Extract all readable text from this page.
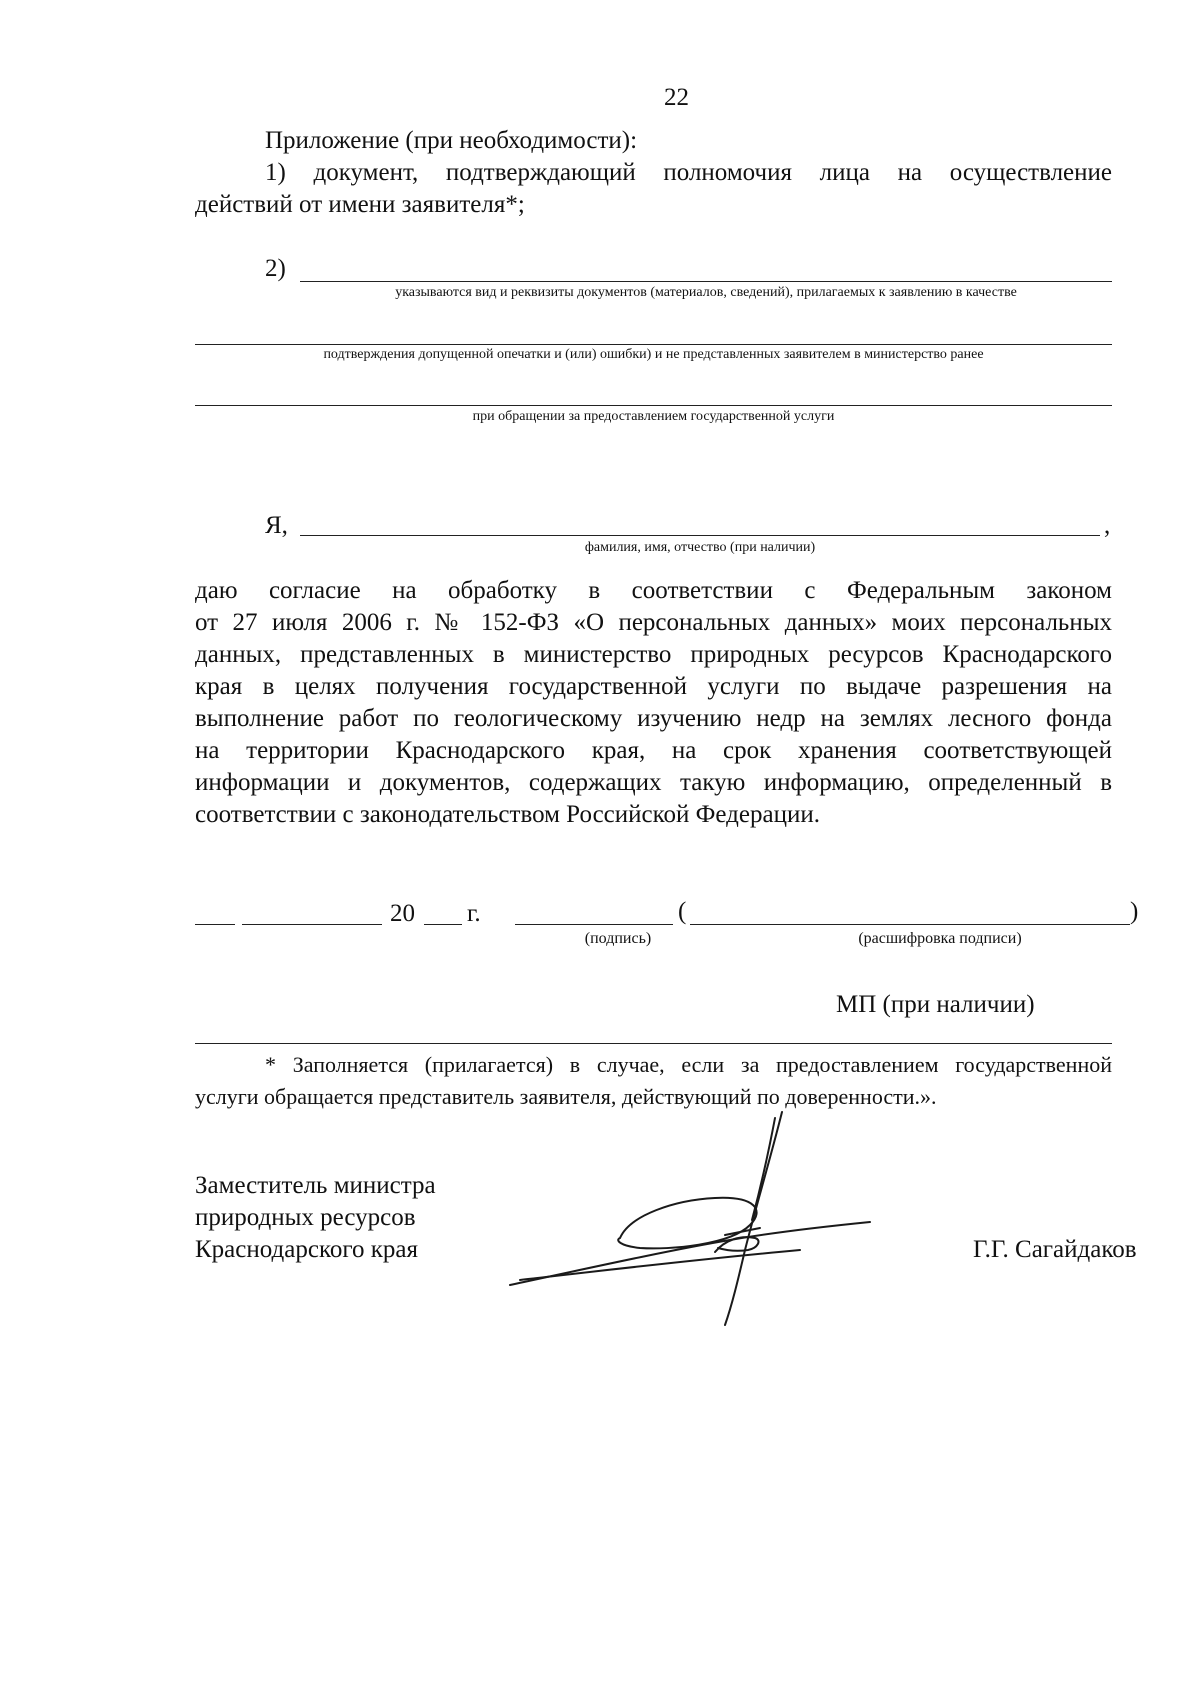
22
Приложение (при необходимости):
1) документ, подтверждающий полномочия лица на осуществление
действий от имени заявителя*;
2)
указываются вид и реквизиты документов (материалов, сведений), прилагаемых к заявлению в качестве
подтверждения допущенной опечатки и (или) ошибки) и не представленных заявителем в министерство ранее
при обращении за предоставлением государственной услуги
Я,	,
фамилия, имя, отчество (при наличии)
даю согласие на обработку в соответствии с Федеральным законом
от 27 июля 2006 г. № 152-ФЗ «О персональных данных» моих персональных
данных, представленных в министерство природных ресурсов Краснодарского
края в целях получения государственной услуги по выдаче разрешения на
выполнение работ по геологическому изучению недр на землях лесного фонда
на территории Краснодарского края, на срок хранения соответствующей
информации и документов, содержащих такую информацию, определенный в
соответствии с законодательством Российской Федерации.
20 г.	(	)
(подпись)	(расшифровка подписи)
МП (при наличии)
* Заполняется (прилагается) в случае, если за предоставлением государственной
услуги обращается представитель заявителя, действующий по доверенности.».
Заместитель министра
природных ресурсов
Краснодарского края	Г.Г. Сагайдаков
